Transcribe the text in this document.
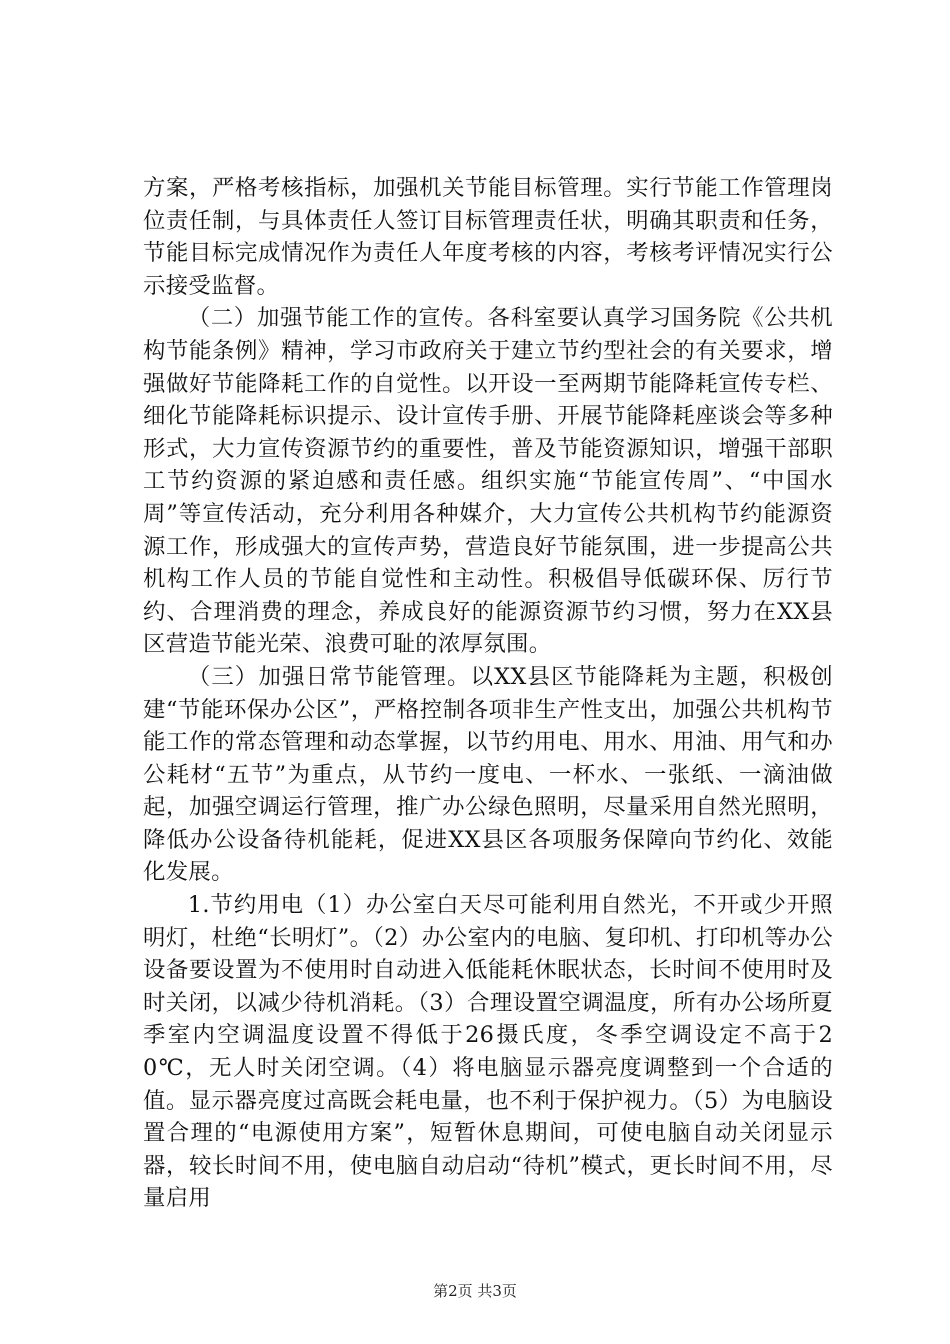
方案，严格考核指标，加强机关节能目标管理。实行节能工作管理岗位责任制，与具体责任人签订目标管理责任状，明确其职责和任务，节能目标完成情况作为责任人年度考核的内容，考核考评情况实行公示接受监督。

（二）加强节能工作的宣传。各科室要认真学习国务院《公共机构节能条例》精神，学习市政府关于建立节约型社会的有关要求，增强做好节能降耗工作的自觉性。以开设一至两期节能降耗宣传专栏、细化节能降耗标识提示、设计宣传手册、开展节能降耗座谈会等多种形式，大力宣传资源节约的重要性，普及节能资源知识，增强干部职工节约资源的紧迫感和责任感。组织实施“节能宣传周”、“中国水周”等宣传活动，充分利用各种媒介，大力宣传公共机构节约能源资源工作，形成强大的宣传声势，营造良好节能氛围，进一步提高公共机构工作人员的节能自觉性和主动性。积极倡导低碳环保、厉行节约、合理消费的理念，养成良好的能源资源节约习惯，努力在XX县区营造节能光荣、浪费可耻的浓厚氛围。

（三）加强日常节能管理。以XX县区节能降耗为主题，积极创建“节能环保办公区”，严格控制各项非生产性支出，加强公共机构节能工作的常态管理和动态掌握，以节约用电、用水、用油、用气和办公耗材“五节”为重点，从节约一度电、一杯水、一张纸、一滴油做起，加强空调运行管理，推广办公绿色照明，尽量采用自然光照明，降低办公设备待机能耗，促进XX县区各项服务保障向节约化、效能化发展。

1.节约用电（1）办公室白天尽可能利用自然光，不开或少开照明灯，杜绝“长明灯”。（2）办公室内的电脑、复印机、打印机等办公设备要设置为不使用时自动进入低能耗休眠状态，长时间不使用时及时关闭，以减少待机消耗。（3）合理设置空调温度，所有办公场所夏季室内空调温度设置不得低于26摄氏度，冬季空调设定不高于20℃，无人时关闭空调。（4）将电脑显示器亮度调整到一个合适的值。显示器亮度过高既会耗电量，也不利于保护视力。（5）为电脑设置合理的“电源使用方案”，短暂休息期间，可使电脑自动关闭显示器，较长时间不用，使电脑自动启动“待机”模式，更长时间不用，尽量启用

第2页 共3页
